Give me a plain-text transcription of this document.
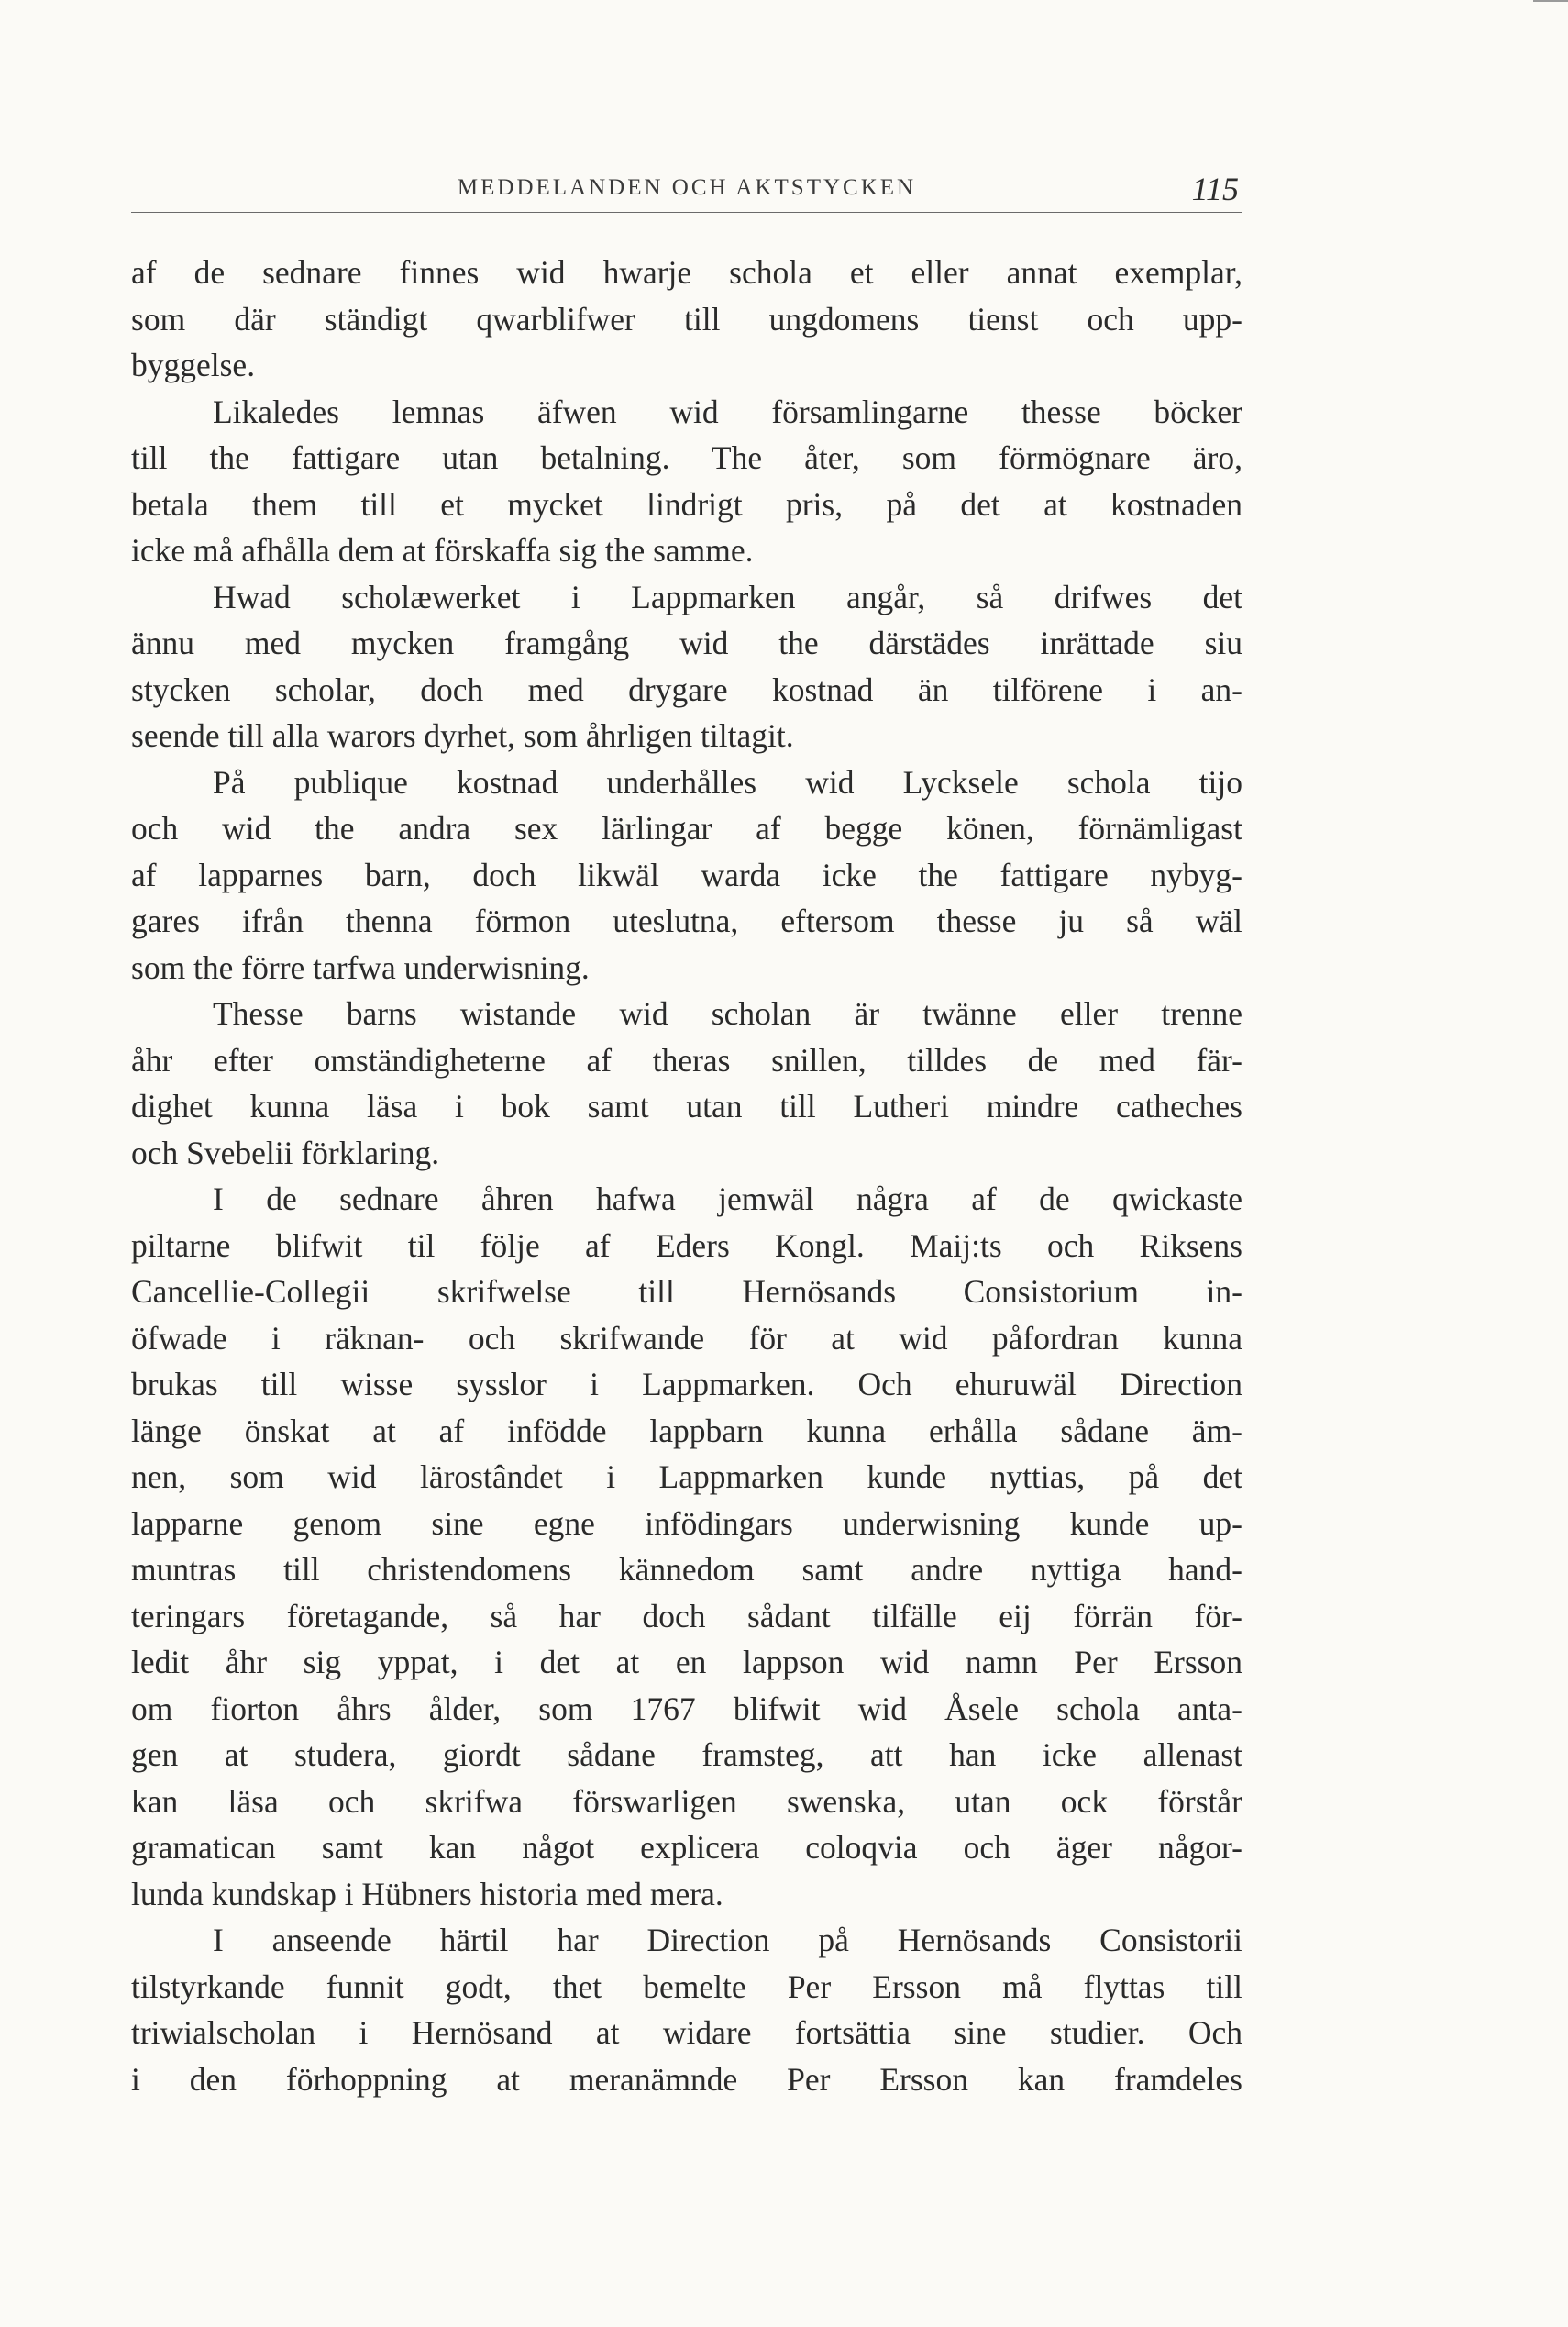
MEDDELANDEN OCH AKTSTYCKEN	115
af de sednare finnes wid hwarje schola et eller annat exemplar,
som där ständigt qwarblifwer till ungdomens tienst och upp-
byggelse.
Likaledes lemnas äfwen wid församlingarne thesse böcker
till the fattigare utan betalning. The åter, som förmögnare äro,
betala them till et mycket lindrigt pris, på det at kostnaden
icke må afhålla dem at förskaffa sig the samme.
Hwad scholæwerket i Lappmarken angår, så drifwes det
ännu med mycken framgång wid the därstädes inrättade siu
stycken scholar, doch med drygare kostnad än tilförene i an-
seende till alla warors dyrhet, som åhrligen tiltagit.
På publique kostnad underhålles wid Lycksele schola tijo
och wid the andra sex lärlingar af begge könen, förnämligast
af lapparnes barn, doch likwäl warda icke the fattigare nybyg-
gares ifrån thenna förmon uteslutna, eftersom thesse ju så wäl
som the förre tarfwa underwisning.
Thesse barns wistande wid scholan är twänne eller trenne
åhr efter omständigheterne af theras snillen, tilldes de med fär-
dighet kunna läsa i bok samt utan till Lutheri mindre catheches
och Svebelii förklaring.
I de sednare åhren hafwa jemwäl några af de qwickaste
piltarne blifwit til följe af Eders Kongl. Maij:ts och Riksens
Cancellie-Collegii skrifwelse till Hernösands Consistorium in-
öfwade i räknan- och skrifwande för at wid påfordran kunna
brukas till wisse sysslor i Lappmarken. Och ehuruwäl Direction
länge önskat at af infödde lappbarn kunna erhålla sådane äm-
nen, som wid lärostândet i Lappmarken kunde nyttias, på det
lapparne genom sine egne infödingars underwisning kunde up-
muntras till christendomens kännedom samt andre nyttiga hand-
teringars företagande, så har doch sådant tilfälle eij förrän för-
ledit åhr sig yppat, i det at en lappson wid namn Per Ersson
om fiorton åhrs ålder, som 1767 blifwit wid Åsele schola anta-
gen at studera, giordt sådane framsteg, att han icke allenast
kan läsa och skrifwa förswarligen swenska, utan ock förstår
gramatican samt kan något explicera coloqvia och äger någor-
lunda kundskap i Hübners historia med mera.
I anseende härtil har Direction på Hernösands Consistorii
tilstyrkande funnit godt, thet bemelte Per Ersson må flyttas till
triwialscholan i Hernösand at widare fortsättia sine studier. Och
i den förhoppning at meranämnde Per Ersson kan framdeles
